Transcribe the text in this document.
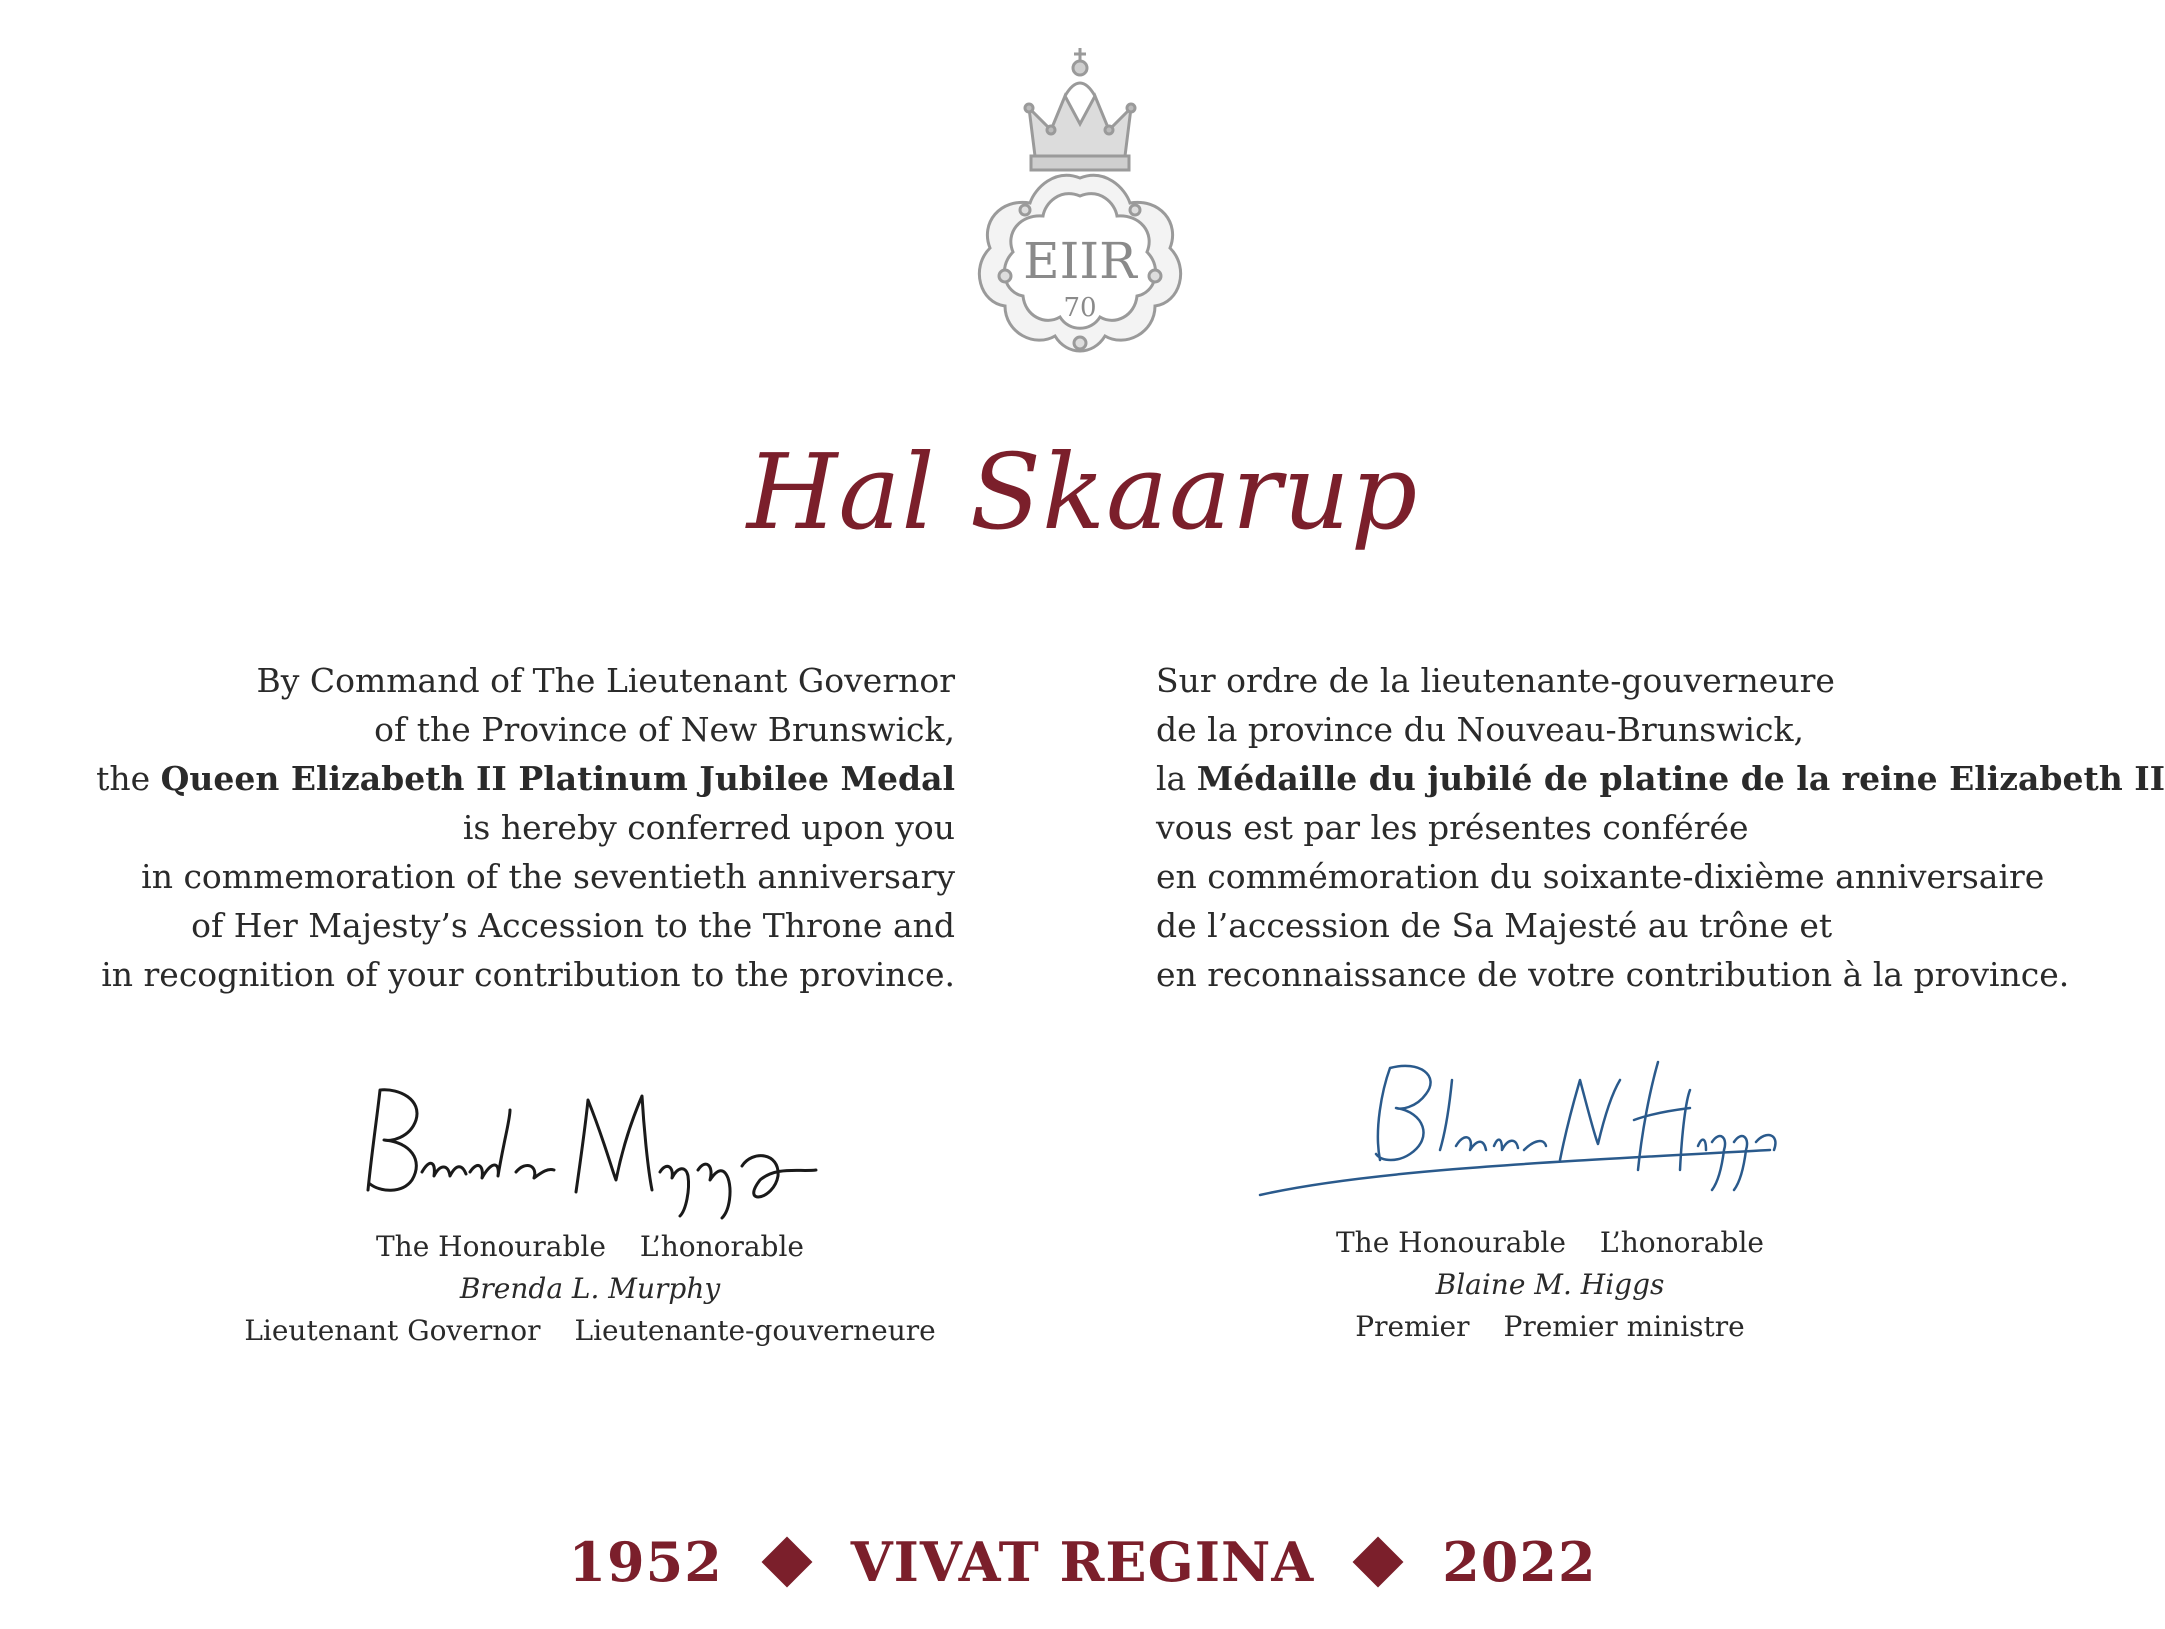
EIIR
70
Hal Skaarup
By Command of The Lieutenant Governor
of the Province of New Brunswick,
the Queen Elizabeth II Platinum Jubilee Medal
is hereby conferred upon you
in commemoration of the seventieth anniversary
of Her Majesty’s Accession to the Throne and
in recognition of your contribution to the province.
Sur ordre de la lieutenante-gouverneure
de la province du Nouveau-Brunswick,
la Médaille du jubilé de platine de la reine Elizabeth II
vous est par les présentes conférée
en commémoration du soixante-dixième anniversaire
de l’accession de Sa Majesté au trône et
en reconnaissance de votre contribution à la province.
The Honourable L’honorable
Brenda L. Murphy
Lieutenant Governor Lieutenante-gouverneure
The Honourable L’honorable
Blaine M. Higgs
Premier Premier ministre
1952 VIVAT REGINA 2022
